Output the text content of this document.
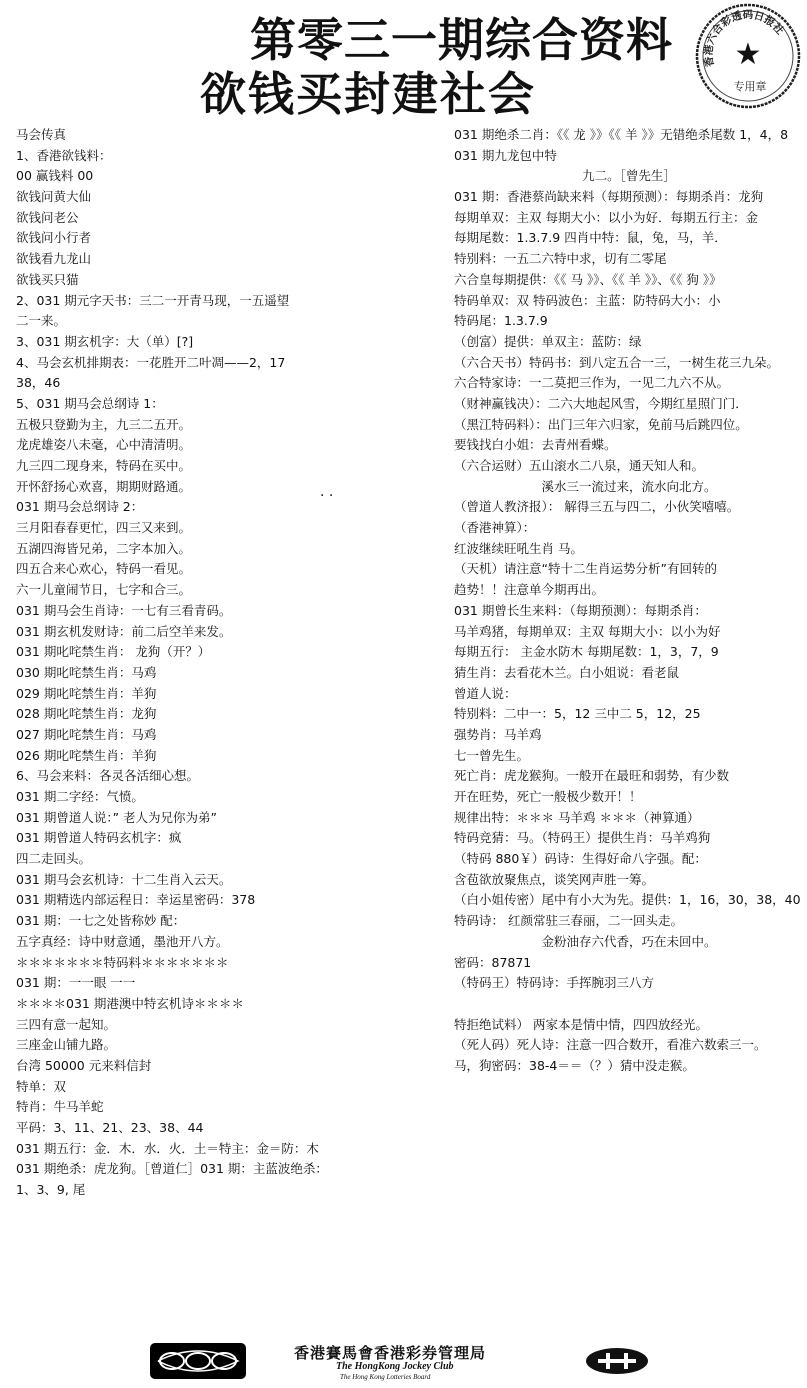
第零三一期综合资料
欲钱买封建社会
香港六合彩透码日报社
★
专用章
马会传真
1、香港欲钱料：
00 赢钱料 00
欲钱问黄大仙
欲钱问老公
欲钱问小行者
欲钱看九龙山
欲钱买只猫
2、031 期元字天书：三二一开青马现，一五遥望
二一来。
3、031 期玄机字：大（单）[?]
4、马会玄机排期表：一花胜开二叶凋——2，17
38，46
5、031 期马会总纲诗 1：
五极只登勤为主，九三二五开。
龙虎雄姿八未毫，心中清清明。
九三四二现身来，特码在买中。
开怀舒扬心欢喜，期期财路通。
031 期马会总纲诗 2：
三月阳春春更忙，四三又来到。
五湖四海皆兄弟，二字本加入。
四五合来心欢心，特码一看见。
六一儿童闹节日，七字和合三。
031 期马会生肖诗：一七有三看青码。
031 期玄机发财诗：前二后空羊来发。
031 期叱咤禁生肖： 龙狗（开？）
030 期叱咤禁生肖：马鸡
029 期叱咤禁生肖：羊狗
028 期叱咤禁生肖：龙狗
027 期叱咤禁生肖：马鸡
026 期叱咤禁生肖：羊狗
6、马会来料：各灵各活细心想。
031 期二字经：气愤。
031 期曾道人说：” 老人为兄你为弟”
031 期曾道人特码玄机字：疯
四二走回头。
031 期马会玄机诗：十二生肖入云天。
031 期精选内部运程日：幸运星密码：378
031 期：一七之处皆称妙 配：
五字真经：诗中财意通，墨池开八方。
＊＊＊＊＊＊＊特码料＊＊＊＊＊＊＊
031 期：一一眼 一一
＊＊＊＊031 期港澳中特玄机诗＊＊＊＊
三四有意一起知。
三座金山铺九路。
台湾 50000 元来料信封
特单：双
特肖：牛马羊蛇
平码：3、11、21、23、38、44
031 期五行：金．木．水．火．土＝特主：金＝防：木
031 期绝杀：虎龙狗。［曾道仁］031 期：主蓝波绝杀：
1、3、9, 尾
031 期绝杀二肖：《《 龙 》》《《 羊 》》无错绝杀尾数 1，4，8
031 期九龙包中特
九二。［曾先生］
031 期：香港蔡尚缺来料（每期预测）：每期杀肖：龙狗
每期单双：主双 每期大小：以小为好．每期五行主：金
每期尾数：1.3.7.9 四肖中特：鼠，兔，马，羊．
特别料：一五二六特中求，切有二零尾
六合皇每期提供：《《 马 》》、《《 羊 》》、《《 狗 》》
特码单双：双 特码波色：主蓝：防特码大小：小
特码尾：1.3.7.9
（创富）提供：单双主：蓝防：绿
（六合天书）特码书：到八定五合一三，一树生花三九朵。
六合特家诗：一二莫把三作为，一见二九六不从。
（财神赢钱决）：二六大地起风雪，今期红星照门门．
（黑江特码料）：出门三年六归家，免前马后跳四位。
要钱找白小姐：去青州看蝶。
（六合运财）五山滚水二八泉，通天知人和。
溪水三一流过来，流水向北方。
（曾道人教济报）： 解得三五与四二，小伙笑嘻嘻。
（香港神算）：
红波继续旺吼生肖 马。
（天机）请注意“特十二生肖运势分析”有回转的
趋势！！注意单今期再出。
031 期曾长生来料：（每期预测）：每期杀肖：
马羊鸡猪，每期单双：主双 每期大小：以小为好
每期五行： 主金水防木 每期尾数：1，3，7，9
猜生肖：去看花木兰。白小姐说：看老鼠
曾道人说：
特别料：二中一：5，12 三中二 5，12，25
强势肖：马羊鸡
七一曾先生。
死亡肖：虎龙猴狗。一般开在最旺和弱势，有少数
开在旺势，死亡一般极少数开！！
规律出特：＊＊＊ 马羊鸡 ＊＊＊（神算通）
特码竞猜：马。（特码王）提供生肖：马羊鸡狗
（特码 880￥）码诗：生得好命八字强。配：
含苞欲放聚焦点，谈笑网声胜一筹。
（白小姐传密）尾中有小大为先。提供：1，16，30，38，40
特码诗： 红颜常驻三春丽，二一回头走。
金粉油存六代香，巧在未回中。
密码：87871
（特码王）特码诗：手挥腕羽三八方
特拒绝试料） 两家本是情中情，四四放经光。
（死人码）死人诗：注意一四合数开，看准六数索三一。
马，狗密码：38-4＝＝（？）猜中没走猴。
. .
香港賽馬會香港彩券管理局
The HongKong Jockey Club
The Hong Kong Lotteries Board
